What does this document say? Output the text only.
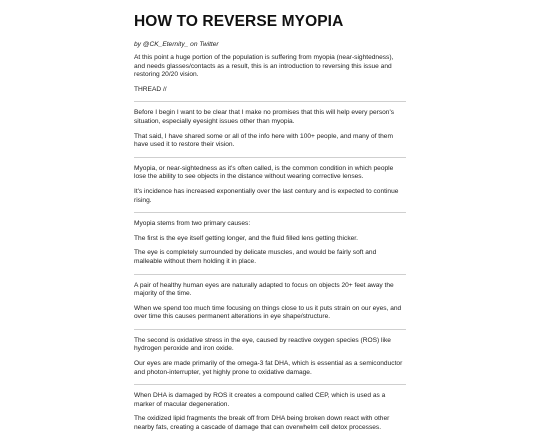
HOW TO REVERSE MYOPIA

by @CK_Eternity_ on Twitter

At this point a huge portion of the population is suffering from myopia (near-sightedness), and needs glasses/contacts as a result, this is an introduction to reversing this issue and restoring 20/20 vision.

THREAD //

Before I begin I want to be clear that I make no promises that this will help every person's situation, especially eyesight issues other than myopia.

That said, I have shared some or all of the info here with 100+ people, and many of them have used it to restore their vision.

Myopia, or near-sightedness as it's often called, is the common condition in which people lose the ability to see objects in the distance without wearing corrective lenses.

It's incidence has increased exponentially over the last century and is expected to continue rising.

Myopia stems from two primary causes:

The first is the eye itself getting longer, and the fluid filled lens getting thicker.

The eye is completely surrounded by delicate muscles, and would be fairly soft and malleable without them holding it in place.

A pair of healthy human eyes are naturally adapted to focus on objects 20+ feet away the majority of the time.

When we spend too much time focusing on things close to us it puts strain on our eyes, and over time this causes permanent alterations in eye shape/structure.

The second is oxidative stress in the eye, caused by reactive oxygen species (ROS) like hydrogen peroxide and iron oxide.

Our eyes are made primarily of the omega-3 fat DHA, which is essential as a semiconductor and photon-interrupter, yet highly prone to oxidative damage.

When DHA is damaged by ROS it creates a compound called CEP, which is used as a marker of macular degeneration.

The oxidized lipid fragments the break off from DHA being broken down react with other nearby fats, creating a cascade of damage that can overwhelm cell detox processes.
